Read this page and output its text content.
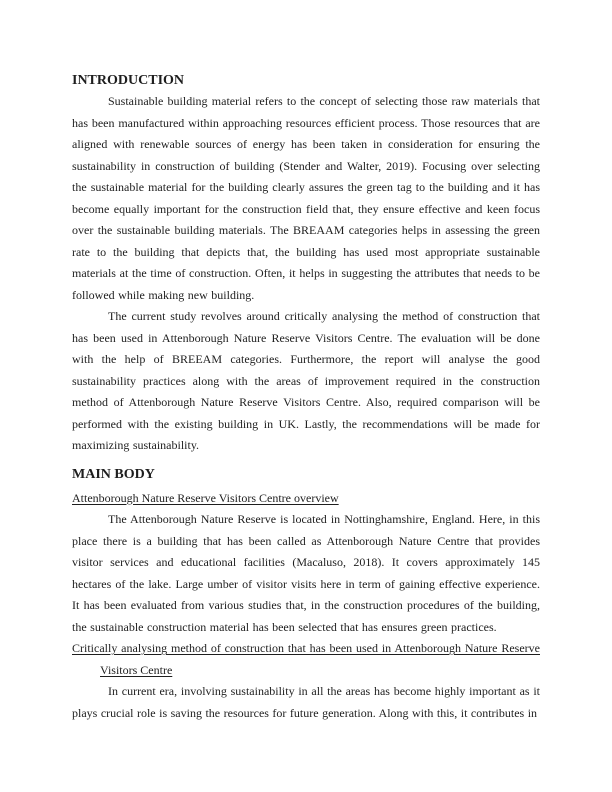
INTRODUCTION

Sustainable building material refers to the concept of selecting those raw materials that has been manufactured within approaching resources efficient process. Those resources that are aligned with renewable sources of energy has been taken in consideration for ensuring the sustainability in construction of building (Stender and Walter, 2019). Focusing over selecting the sustainable material for the building clearly assures the green tag to the building and it has become equally important for the construction field that, they ensure effective and keen focus over the sustainable building materials. The BREAAM categories helps in assessing the green rate to the building that depicts that, the building has used most appropriate sustainable materials at the time of construction. Often, it helps in suggesting the attributes that needs to be followed while making new building.

The current study revolves around critically analysing the method of construction that has been used in Attenborough Nature Reserve Visitors Centre. The evaluation will be done with the help of BREEAM categories. Furthermore, the report will analyse the good sustainability practices along with the areas of improvement required in the construction method of Attenborough Nature Reserve Visitors Centre. Also, required comparison will be performed with the existing building in UK. Lastly, the recommendations will be made for maximizing sustainability.

MAIN BODY
Attenborough Nature Reserve Visitors Centre overview

The Attenborough Nature Reserve is located in Nottinghamshire, England. Here, in this place there is a building that has been called as Attenborough Nature Centre that provides visitor services and educational facilities (Macaluso, 2018). It covers approximately 145 hectares of the lake. Large umber of visitor visits here in term of gaining effective experience. It has been evaluated from various studies that, in the construction procedures of the building, the sustainable construction material has been selected that has ensures green practices.

Critically analysing method of construction that has been used in Attenborough Nature Reserve
Visitors Centre

In current era, involving sustainability in all the areas has become highly important as it plays crucial role is saving the resources for future generation. Along with this, it contributes in
